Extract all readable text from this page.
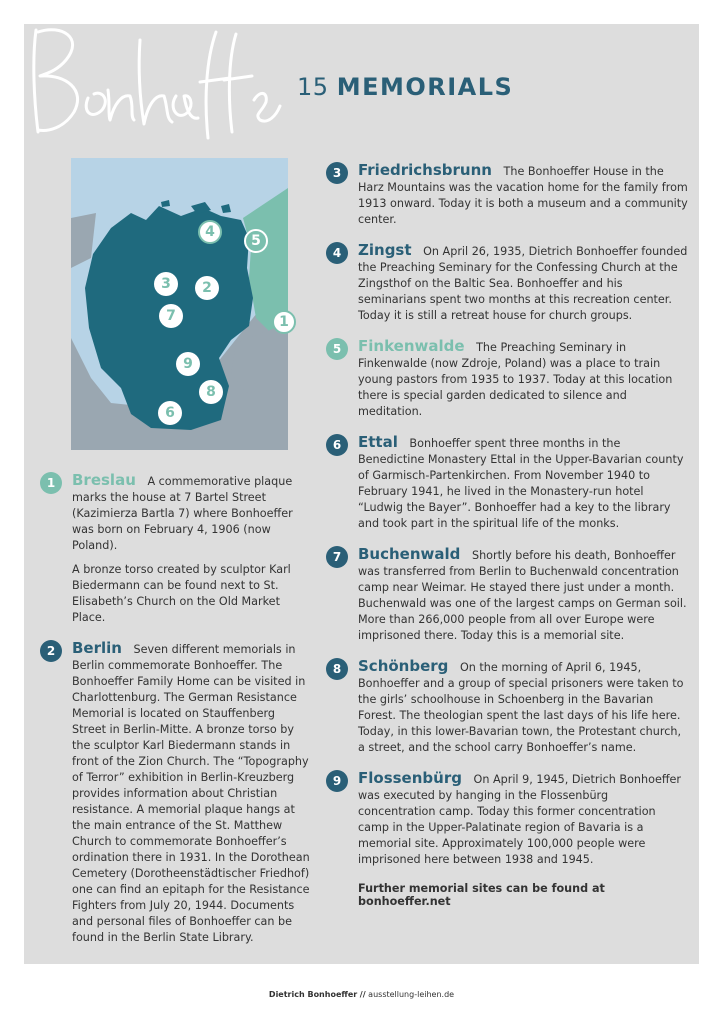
15 MEMORIALS
4
5
3	2
7	1
9
8
6
1	Breslau A commemorative plaque marks the house at 7 Bartel Street (Kazimierza Bartla 7) where Bonhoeffer was born on February 4, 1906 (now Poland).
A bronze torso created by sculptor Karl Biedermann can be found next to St. Elisabeth’s Church on the Old Market Place.
2	Berlin Seven different memorials in Berlin commemorate Bonhoeffer. The Bonhoeffer Family Home can be visited in Charlottenburg. The German Resistance Memorial is located on Stauffenberg Street in Berlin-Mitte. A bronze torso by the sculptor Karl Biedermann stands in front of the Zion Church. The “Topography of Terror” exhibition in Berlin-Kreuzberg provides information about Christian resistance. A memorial plaque hangs at the main entrance of the St. Matthew Church to commemorate Bonhoeffer’s ordination there in 1931. In the Dorothean Cemetery (Dorotheenstädtischer Friedhof) one can find an epitaph for the Resistance Fighters from July 20, 1944. Documents and personal files of Bonhoeffer can be found in the Berlin State Library.
3	Friedrichsbrunn The Bonhoeffer House in the Harz Mountains was the vacation home for the family from 1913 onward. Today it is both a museum and a community center.
4	Zingst On April 26, 1935, Dietrich Bonhoeffer founded the Preaching Seminary for the Confessing Church at the Zingsthof on the Baltic Sea. Bonhoeffer and his seminarians spent two months at this recreation center. Today it is still a retreat house for church groups.
5	Finkenwalde The Preaching Seminary in Finkenwalde (now Zdroje, Poland) was a place to train young pastors from 1935 to 1937. Today at this location there is special garden dedicated to silence and meditation.
6	Ettal Bonhoeffer spent three months in the Benedictine Monastery Ettal in the Upper-Bavarian county of Garmisch-Partenkirchen. From November 1940 to February 1941, he lived in the Monastery-run hotel “Ludwig the Bayer”. Bonhoeffer had a key to the library and took part in the spiritual life of the monks.
7	Buchenwald Shortly before his death, Bonhoeffer was transferred from Berlin to Buchenwald concentration camp near Weimar. He stayed there just under a month. Buchenwald was one of the largest camps on German soil. More than 266,000 people from all over Europe were imprisoned there. Today this is a memorial site.
8	Schönberg On the morning of April 6, 1945, Bonhoeffer and a group of special prisoners were taken to the girls’ schoolhouse in Schoenberg in the Bavarian Forest. The theologian spent the last days of his life here. Today, in this lower-Bavarian town, the Protestant church, a street, and the school carry Bonhoeffer’s name.
9	Flossenbürg On April 9, 1945, Dietrich Bonhoeffer was executed by hanging in the Flossenbürg concentration camp. Today this former concentration camp in the Upper-Palatinate region of Bavaria is a memorial site. Approximately 100,000 people were imprisoned here between 1938 and 1945.
Further memorial sites can be found at bonhoeffer.net
Dietrich Bonhoeffer // ausstellung-leihen.de
